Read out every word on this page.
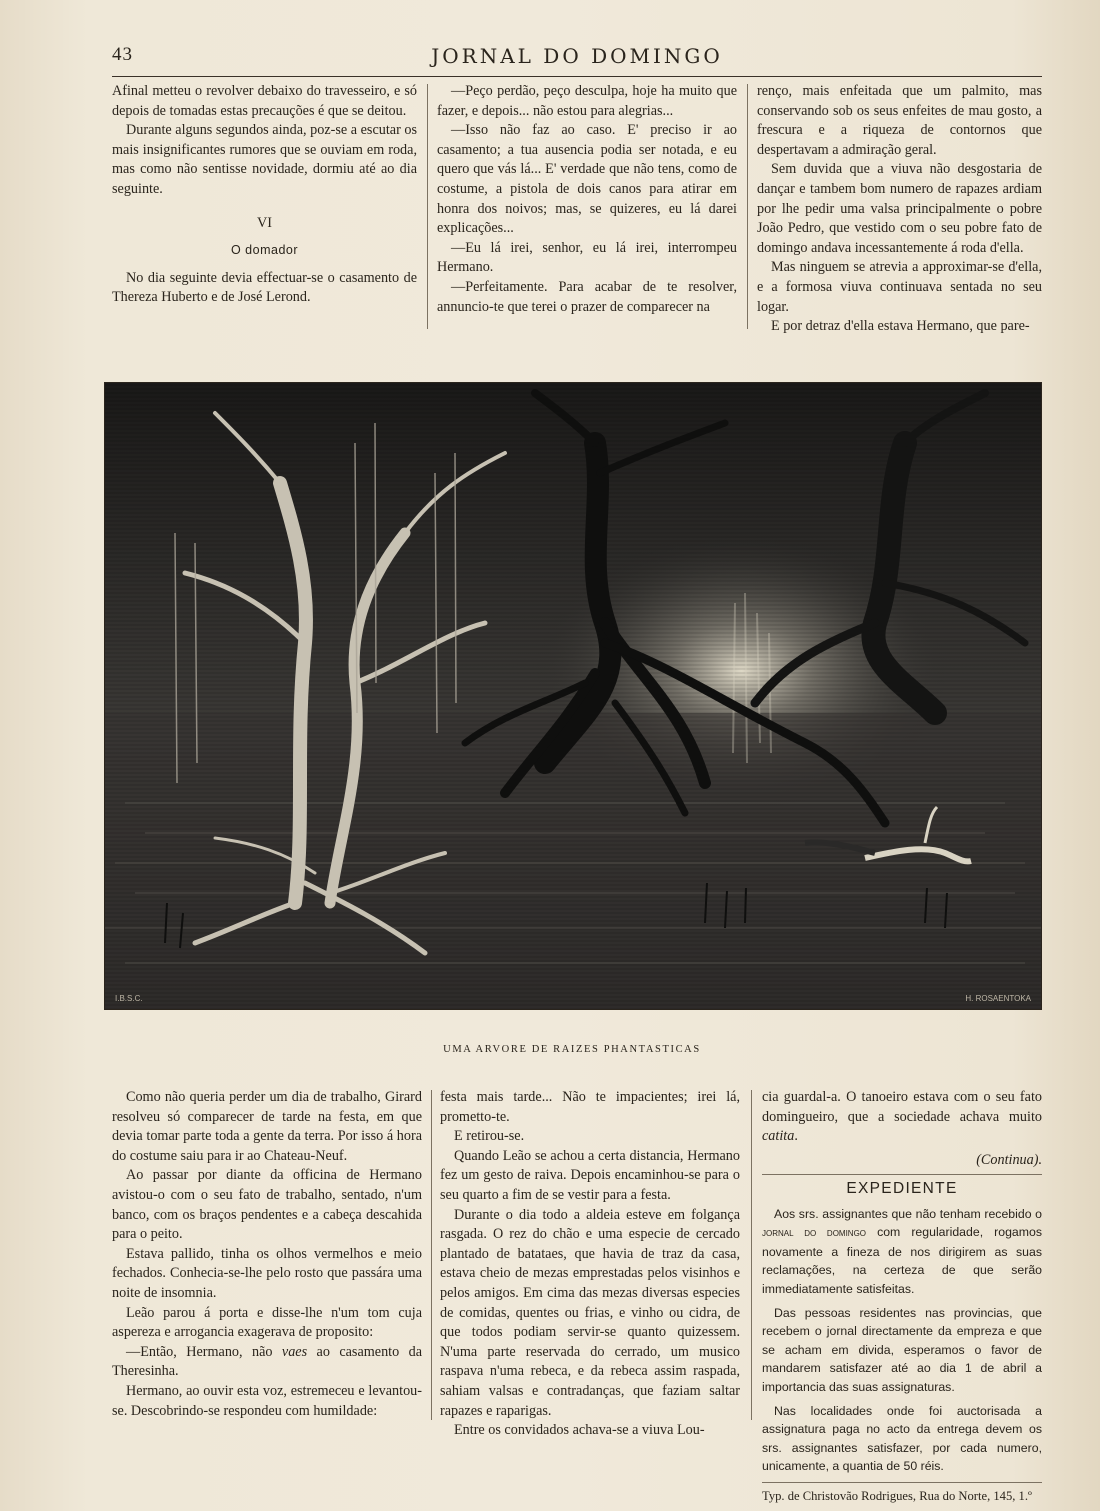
43	JORNAL DO DOMINGO

Afinal metteu o revolver debaixo do travesseiro, e só depois de tomadas estas precauções é que se deitou.

Durante alguns segundos ainda, poz-se a escutar os mais insignificantes rumores que se ouviam em roda, mas como não sentisse novidade, dormiu até ao dia seguinte.

VI

O domador

No dia seguinte devia effectuar-se o casamento de Thereza Huberto e de José Lerond.

—Peço perdão, peço desculpa, hoje ha muito que fazer, e depois... não estou para alegrias...

—Isso não faz ao caso. E' preciso ir ao casamento; a tua ausencia podia ser notada, e eu quero que vás lá... E' verdade que não tens, como de costume, a pistola de dois canos para atirar em honra dos noivos; mas, se quizeres, eu lá darei explicações...

—Eu lá irei, senhor, eu lá irei, interrompeu Hermano.

—Perfeitamente. Para acabar de te resolver, annuncio-te que terei o prazer de comparecer na

renço, mais enfeitada que um palmito, mas conservando sob os seus enfeites de mau gosto, a frescura e a riqueza de contornos que despertavam a admiração geral.

Sem duvida que a viuva não desgostaria de dançar e tambem bom numero de rapazes ardiam por lhe pedir uma valsa principalmente o pobre João Pedro, que vestido com o seu pobre fato de domingo andava incessantemente á roda d'ella.

Mas ninguem se atrevia a approximar-se d'ella, e a formosa viuva continuava sentada no seu logar.

E por detraz d'ella estava Hermano, que pare-

I.B.S.C.	H. ROSAENTOKA
UMA ARVORE DE RAIZES PHANTASTICAS

Como não queria perder um dia de trabalho, Girard resolveu só comparecer de tarde na festa, em que devia tomar parte toda a gente da terra. Por isso á hora do costume saiu para ir ao Chateau-Neuf.

Ao passar por diante da officina de Hermano avistou-o com o seu fato de trabalho, sentado, n'um banco, com os braços pendentes e a cabeça descahida para o peito.

Estava pallido, tinha os olhos vermelhos e meio fechados. Conhecia-se-lhe pelo rosto que passára uma noite de insomnia.

Leão parou á porta e disse-lhe n'um tom cuja aspereza e arrogancia exagerava de proposito:

—Então, Hermano, não vaes ao casamento da Theresinha.

Hermano, ao ouvir esta voz, estremeceu e levantou-se. Descobrindo-se respondeu com humildade:

festa mais tarde... Não te impacientes; irei lá, prometto-te.

E retirou-se.

Quando Leão se achou a certa distancia, Hermano fez um gesto de raiva. Depois encaminhou-se para o seu quarto a fim de se vestir para a festa.

Durante o dia todo a aldeia esteve em folgança rasgada. O rez do chão e uma especie de cercado plantado de batataes, que havia de traz da casa, estava cheio de mezas emprestadas pelos visinhos e pelos amigos. Em cima das mezas diversas especies de comidas, quentes ou frias, e vinho ou cidra, de que todos podiam servir-se quanto quizessem. N'uma parte reservada do cerrado, um musico raspava n'uma rebeca, e da rebeca assim raspada, sahiam valsas e contradanças, que faziam saltar rapazes e raparigas.

Entre os convidados achava-se a viuva Lou-

cia guardal-a. O tanoeiro estava com o seu fato domingueiro, que a sociedade achava muito catita.

(Continua).

EXPEDIENTE

Aos srs. assignantes que não tenham recebido o jornal do domingo com regularidade, rogamos novamente a fineza de nos dirigirem as suas reclamações, na certeza de que serão immediatamente satisfeitas.

Das pessoas residentes nas provincias, que recebem o jornal directamente da empreza e que se acham em divida, esperamos o favor de mandarem satisfazer até ao dia 1 de abril a importancia das suas assignaturas.

Nas localidades onde foi auctorisada a assignatura paga no acto da entrega devem os srs. assignantes satisfazer, por cada numero, unicamente, a quantia de 50 réis.

Typ. de Christovão Rodrigues, Rua do Norte, 145, 1.º
